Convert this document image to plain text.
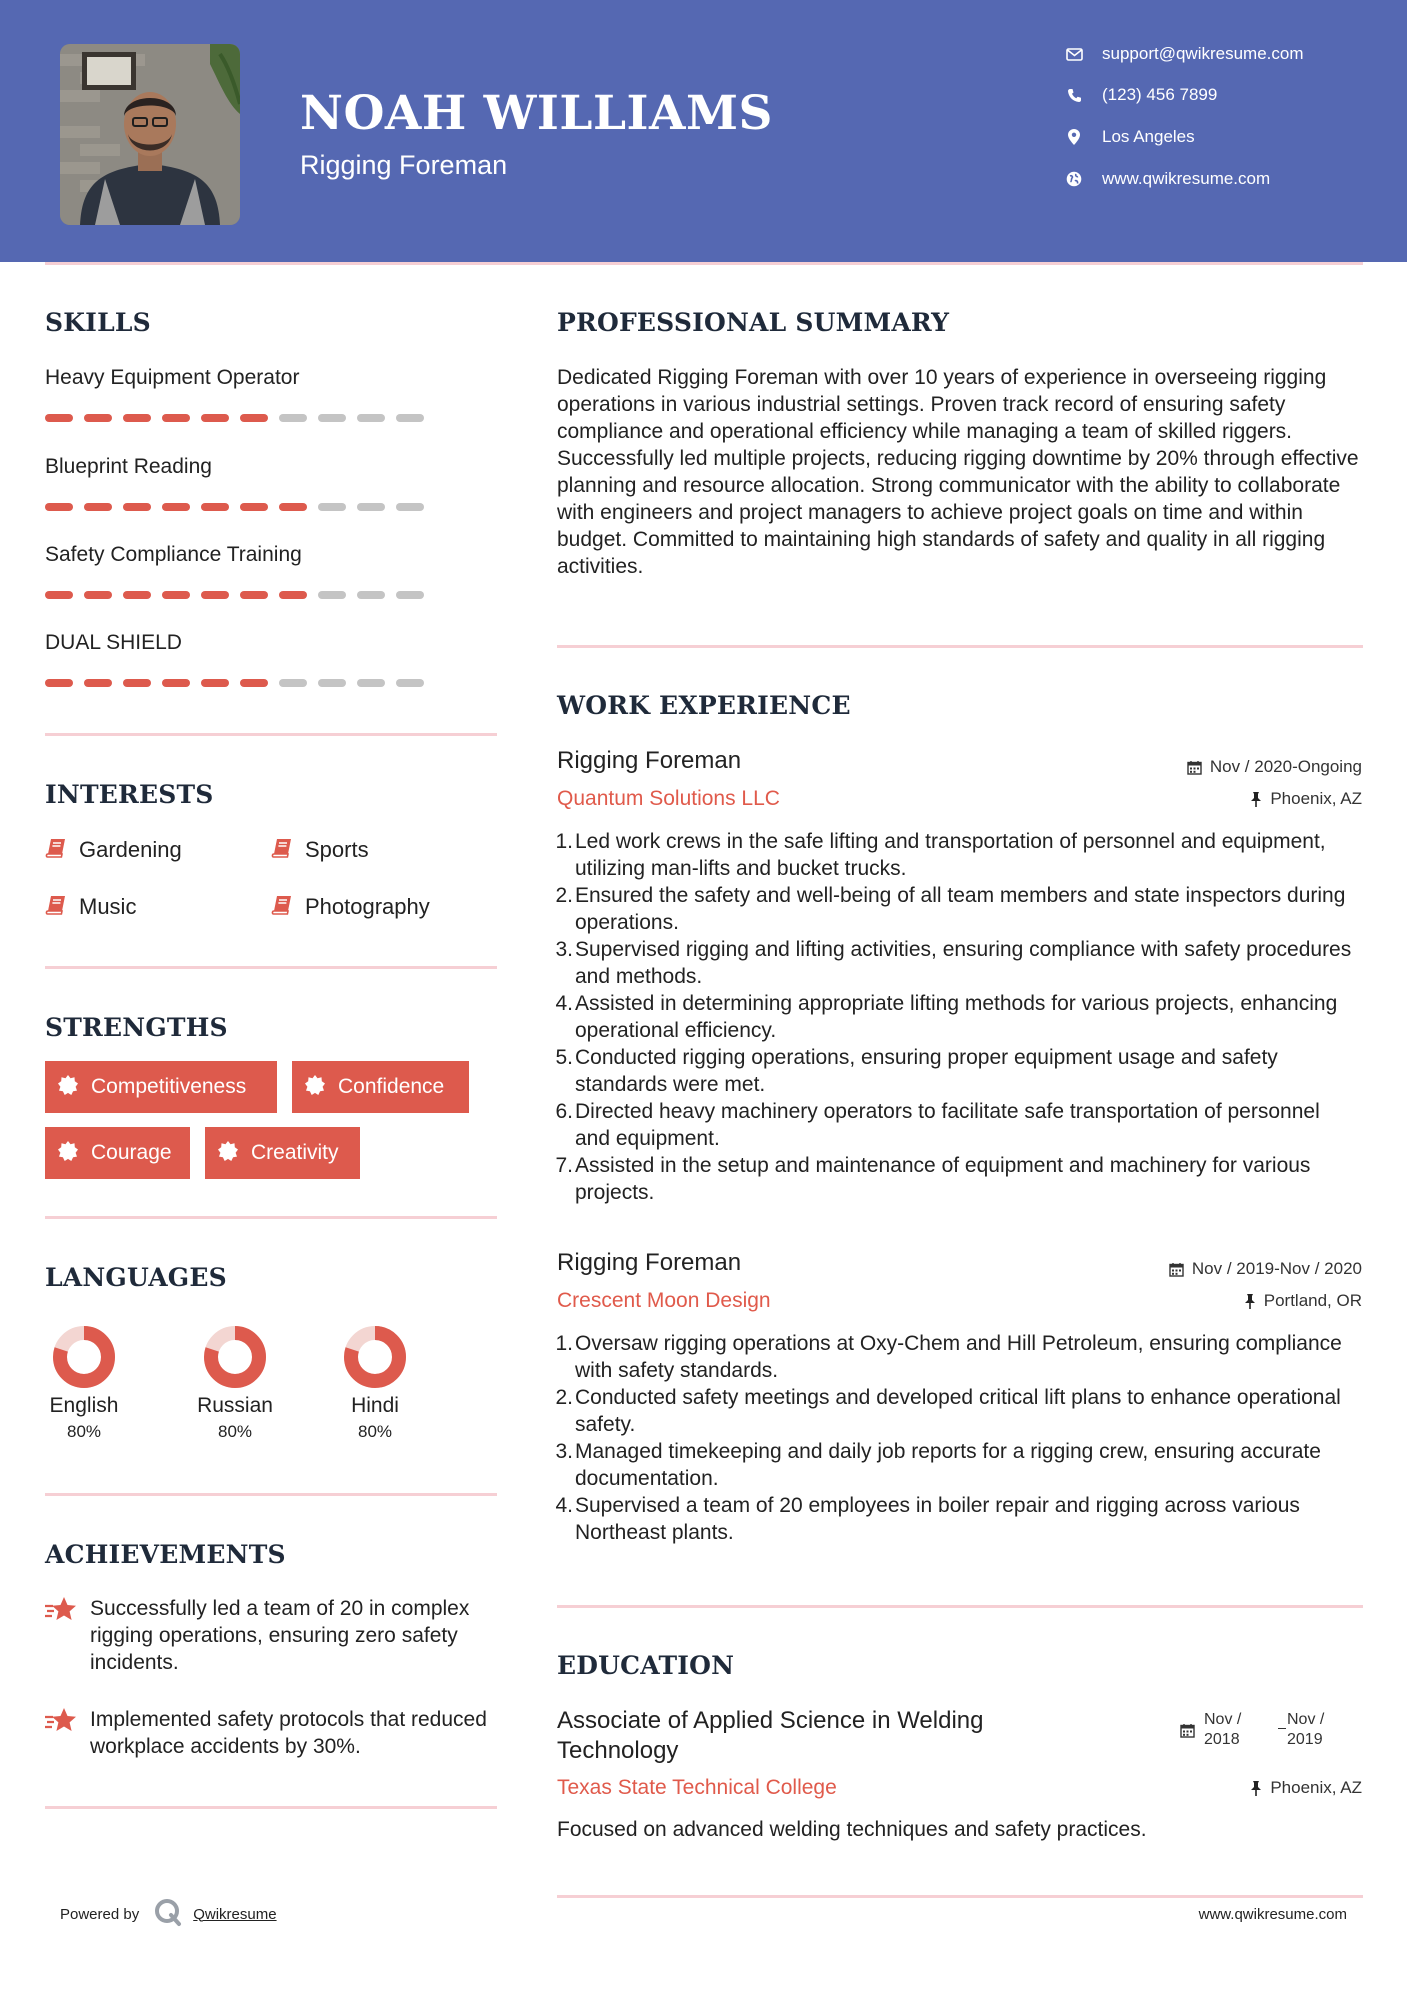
NOAH WILLIAMS
Rigging Foreman
support@qwikresume.com
(123) 456 7899
Los Angeles
www.qwikresume.com
SKILLS
Heavy Equipment Operator
Blueprint Reading
Safety Compliance Training
DUAL SHIELD
INTERESTS
Gardening	Sports
Music	Photography
STRENGTHS
Competitiveness	Confidence
Courage	Creativity
LANGUAGES
English
80%
Russian
80%
Hindi
80%
ACHIEVEMENTS
Successfully led a team of 20 in complex rigging operations, ensuring zero safety incidents.
Implemented safety protocols that reduced workplace accidents by 30%.
PROFESSIONAL SUMMARY
Dedicated Rigging Foreman with over 10 years of experience in overseeing rigging operations in various industrial settings. Proven track record of ensuring safety compliance and operational efficiency while managing a team of skilled riggers. Successfully led multiple projects, reducing rigging downtime by 20% through effective planning and resource allocation. Strong communicator with the ability to collaborate with engineers and project managers to achieve project goals on time and within budget. Committed to maintaining high standards of safety and quality in all rigging activities.
WORK EXPERIENCE
Rigging Foreman	Nov / 2020-Ongoing
Quantum Solutions LLC	Phoenix, AZ
1. Led work crews in the safe lifting and transportation of personnel and equipment, utilizing man-lifts and bucket trucks.
2. Ensured the safety and well-being of all team members and state inspectors during operations.
3. Supervised rigging and lifting activities, ensuring compliance with safety procedures and methods.
4. Assisted in determining appropriate lifting methods for various projects, enhancing operational efficiency.
5. Conducted rigging operations, ensuring proper equipment usage and safety standards were met.
6. Directed heavy machinery operators to facilitate safe transportation of personnel and equipment.
7. Assisted in the setup and maintenance of equipment and machinery for various projects.
Rigging Foreman	Nov / 2019-Nov / 2020
Crescent Moon Design	Portland, OR
1. Oversaw rigging operations at Oxy-Chem and Hill Petroleum, ensuring compliance with safety standards.
2. Conducted safety meetings and developed critical lift plans to enhance operational safety.
3. Managed timekeeping and daily job reports for a rigging crew, ensuring accurate documentation.
4. Supervised a team of 20 employees in boiler repair and rigging across various Northeast plants.
EDUCATION
Associate of Applied Science in Welding Technology
Nov /
2018
Nov /
2019
Texas State Technical College	Phoenix, AZ
Focused on advanced welding techniques and safety practices.
Powered by	Qwikresume	www.qwikresume.com
